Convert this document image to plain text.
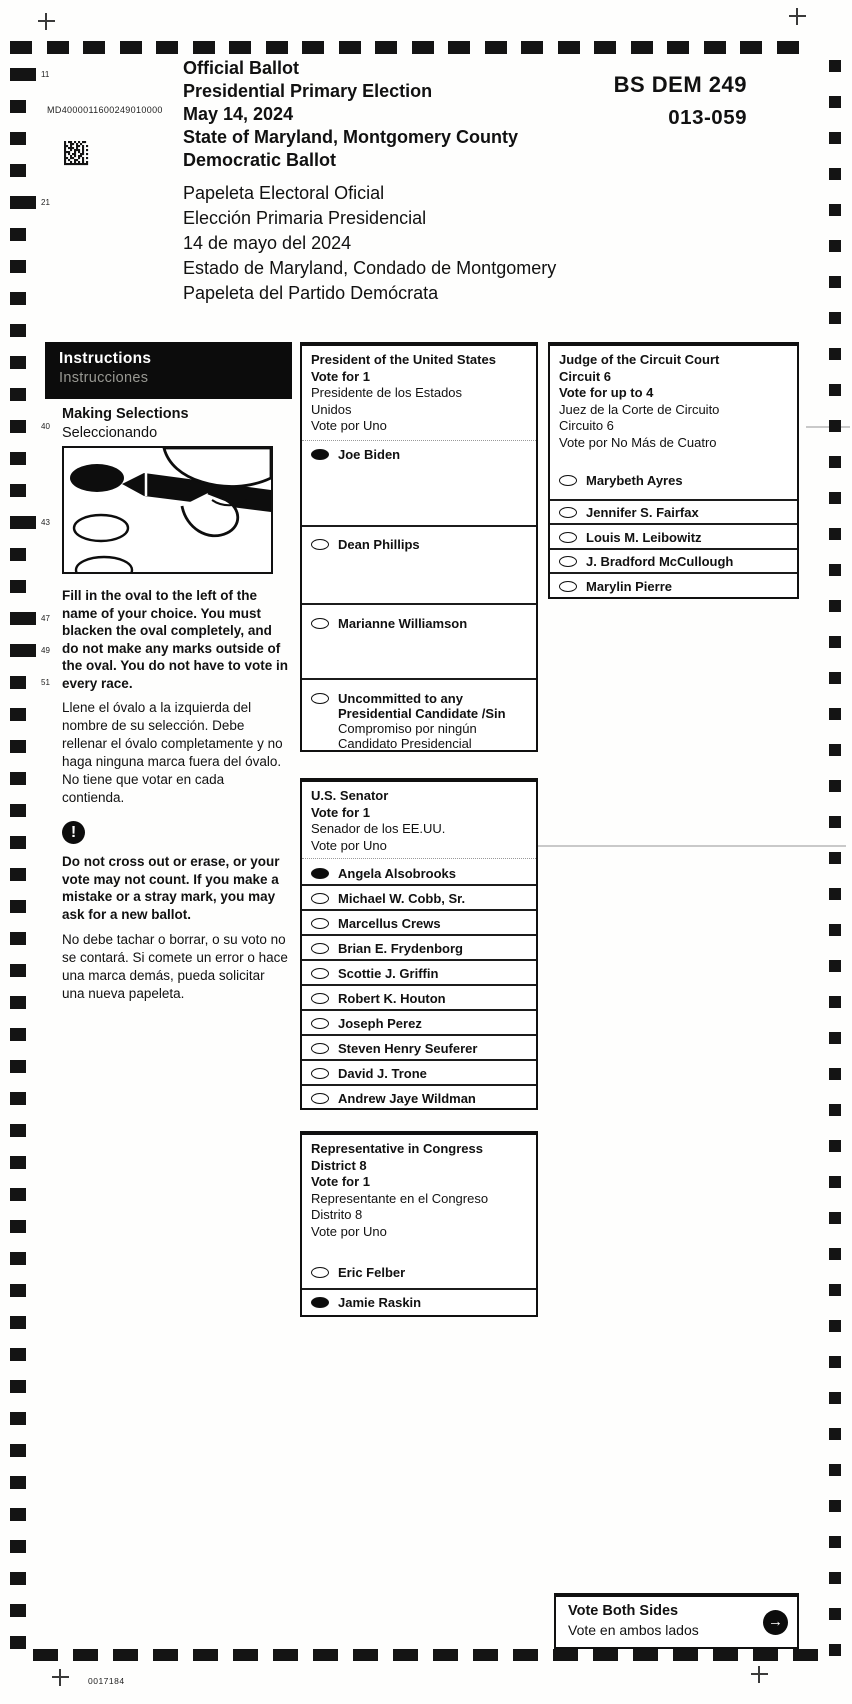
MD4000011600249010000
Official Ballot
Presidential Primary Election
May 14, 2024
State of Maryland, Montgomery County
Democratic Ballot
Papeleta Electoral Oficial
Elección Primaria Presidencial
14 de mayo del 2024
Estado de Maryland, Condado de Montgomery
Papeleta del Partido Demócrata
BS DEM 249
013-059
Instructions
Instrucciones
Making Selections
Seleccionando
Fill in the oval to the left of the name of your choice. You must blacken the oval completely, and do not make any marks outside of the oval. You do not have to vote in every race.
Llene el óvalo a la izquierda del nombre de su selección. Debe rellenar el óvalo completamente y no haga ninguna marca fuera del óvalo. No tiene que votar en cada contienda.
!
Do not cross out or erase, or your vote may not count. If you make a mistake or a stray mark, you may ask for a new ballot.
No debe tachar o borrar, o su voto no se contará. Si comete un error o hace una marca demás, pueda solicitar una nueva papeleta.
President of the United States
Vote for 1
Presidente de los Estados
Unidos
Vote por Uno
Joe Biden
Dean Phillips
Marianne Williamson
Uncommitted to any
Presidential Candidate /Sin
Compromiso por ningún
Candidato Presidencial
Judge of the Circuit Court
Circuit 6
Vote for up to 4
Juez de la Corte de Circuito
Circuito 6
Vote por No Más de Cuatro
Marybeth Ayres
Jennifer S. Fairfax
Louis M. Leibowitz
J. Bradford McCullough
Marylin Pierre
U.S. Senator
Vote for 1
Senador de los EE.UU.
Vote por Uno
Angela Alsobrooks
Michael W. Cobb, Sr.
Marcellus Crews
Brian E. Frydenborg
Scottie J. Griffin
Robert K. Houton
Joseph Perez
Steven Henry Seuferer
David J. Trone
Andrew Jaye Wildman
Representative in Congress
District 8
Vote for 1
Representante en el Congreso
Distrito 8
Vote por Uno
Eric Felber
Jamie Raskin
Vote Both Sides
Vote en ambos lados	→
0017184
11
21
40
43
47
49
51
